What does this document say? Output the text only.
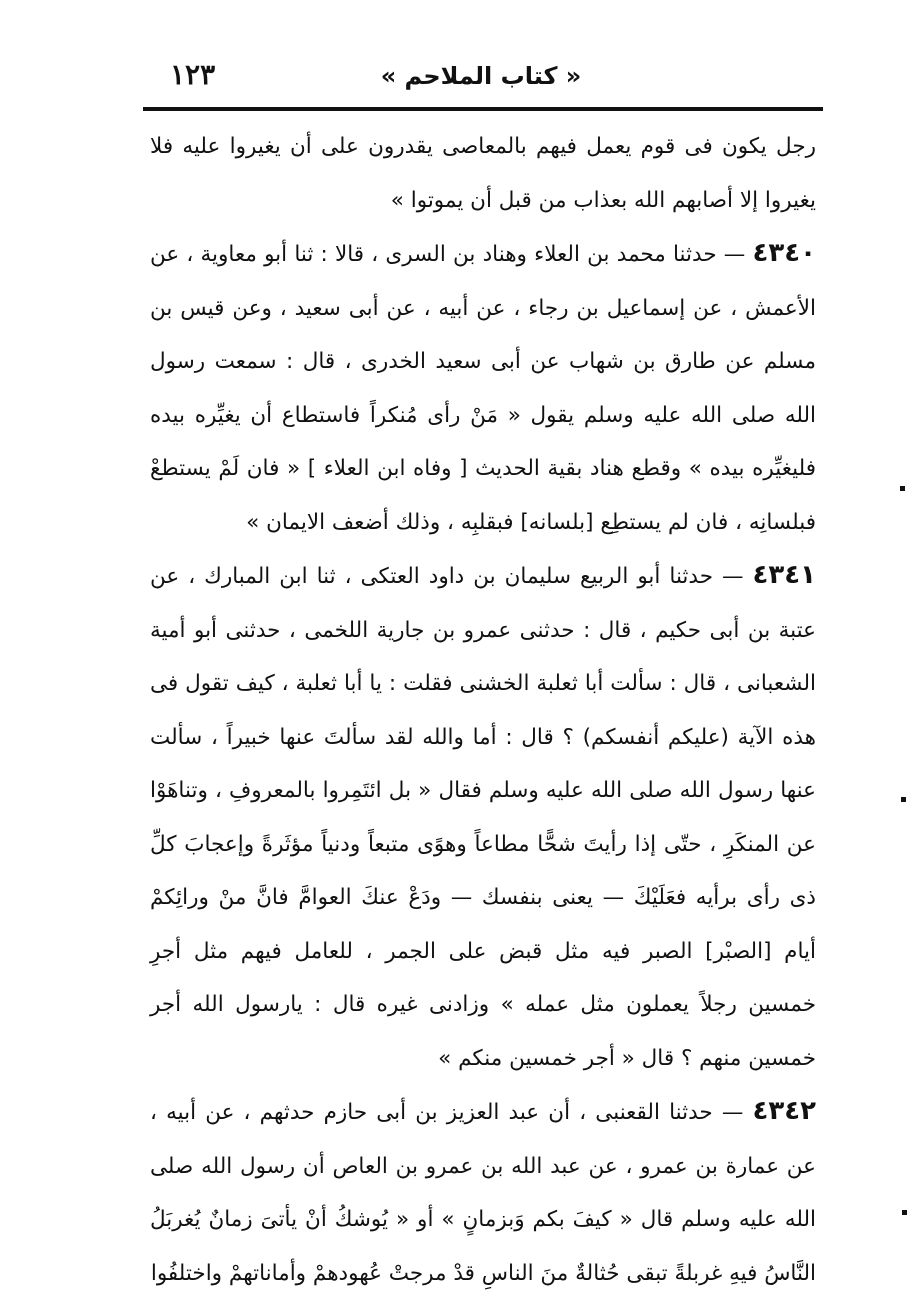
١٢٣	« كتاب الملاحم »

رجل يكون فى قوم يعمل فيهم بالمعاصى يقدرون على أن يغيروا عليه فلا يغيروا إلا أصابهم الله بعذاب من قبل أن يموتوا »

٤٣٤٠ — حدثنا محمد بن العلاء وهناد بن السرى ، قالا : ثنا أبو معاوية ، عن الأعمش ، عن إسماعيل بن رجاء ، عن أبيه ، عن أبى سعيد ، وعن قيس بن مسلم عن طارق بن شهاب عن أبى سعيد الخدرى ، قال : سمعت رسول الله صلى الله عليه وسلم يقول « مَنْ رأى مُنكراً فاستطاع أن يغيِّره بيده فليغيِّره بيده » وقطع هناد بقية الحديث [ وفاه ابن العلاء ] « فان لَمْ يستطعْ فبلسانِه ، فان لم يستطِع [بلسانه] فبقلبِه ، وذلك أضعف الايمان »

٤٣٤١ — حدثنا أبو الربيع سليمان بن داود العتكى ، ثنا ابن المبارك ، عن عتبة بن أبى حكيم ، قال : حدثنى عمرو بن جارية اللخمى ، حدثنى أبو أمية الشعبانى ، قال : سألت أبا ثعلبة الخشنى فقلت : يا أبا ثعلبة ، كيف تقول فى هذه الآية (عليكم أنفسكم) ؟ قال : أما والله لقد سألتَ عنها خبيراً ، سألت عنها رسول الله صلى الله عليه وسلم فقال « بل ائتَمِروا بالمعروفِ ، وتناهَوْا عن المنكَرِ ، حتّى إذا رأيتَ شحًّا مطاعاً وهوًى متبعاً ودنياً مؤثَرةً وإعجابَ كلِّ ذى رأى برأيه فعَلَيْكَ — يعنى بنفسك — ودَعْ عنكَ العوامَّ فانَّ منْ ورائِكمْ أيام [الصبْر] الصبر فيه مثل قبض على الجمر ، للعامل فيهم مثل أجرِ خمسين رجلاً يعملون مثل عمله » وزادنى غيره قال : يارسول الله أجر خمسين منهم ؟ قال « أجر خمسين منكم »

٤٣٤٢ — حدثنا القعنبى ، أن عبد العزيز بن أبى حازم حدثهم ، عن أبيه ، عن عمارة بن عمرو ، عن عبد الله بن عمرو بن العاص أن رسول الله صلى الله عليه وسلم قال « كيفَ بكم وَبزمانٍ » أو « يُوشكُ أنْ يأتىَ زمانٌ يُغربَلُ النَّاسُ فيهِ غربلةً تبقى حُثالةٌ منَ الناسِ قدْ مرجتْ عُهودهمْ وأماناتهمْ واختلفُوا
